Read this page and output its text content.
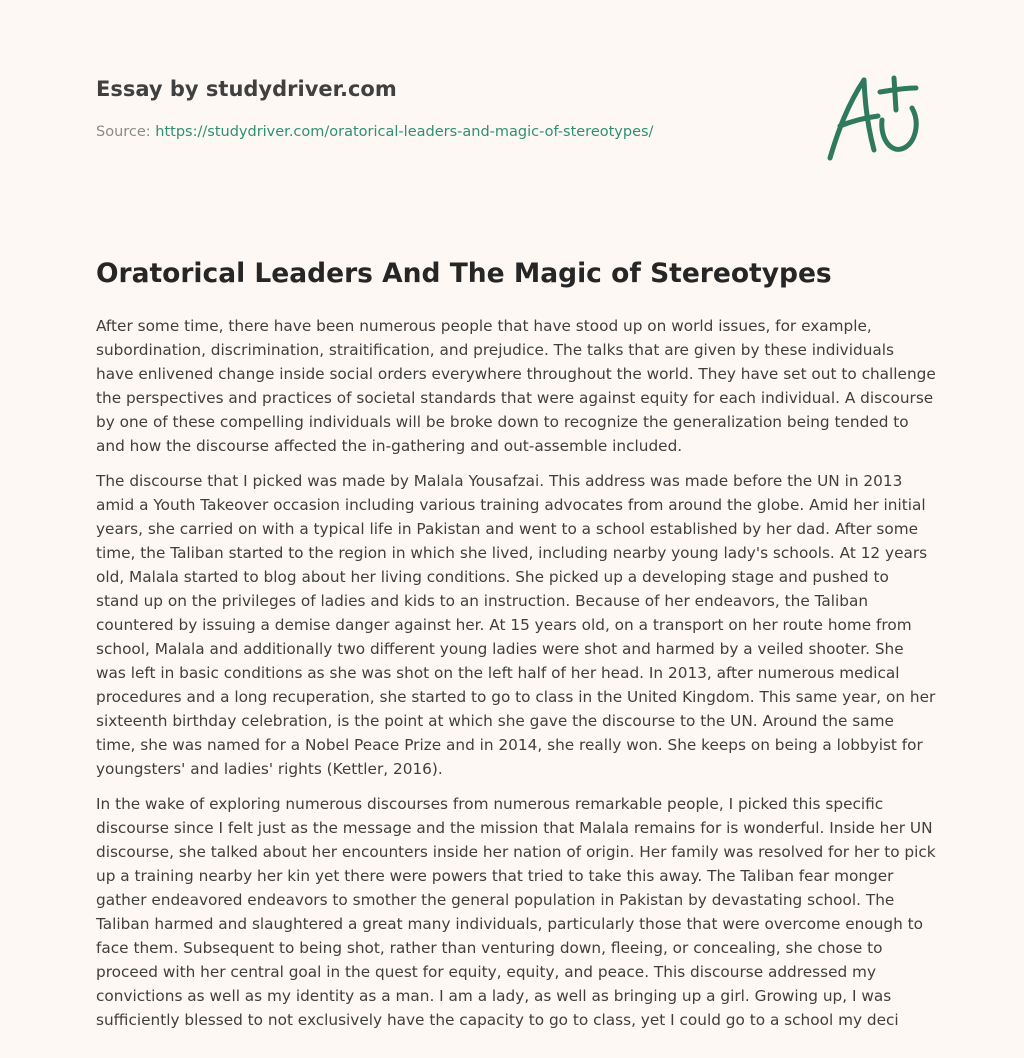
Essay by studydriver.com
Source: https://studydriver.com/oratorical-leaders-and-magic-of-stereotypes/
Oratorical Leaders And The Magic of Stereotypes

After some time, there have been numerous people that have stood up on world issues, for example, subordination, discrimination, straitification, and prejudice. The talks that are given by these individuals have enlivened change inside social orders everywhere throughout the world. They have set out to challenge the perspectives and practices of societal standards that were against equity for each individual. A discourse by one of these compelling individuals will be broke down to recognize the generalization being tended to and how the discourse affected the in-gathering and out-assemble included.

The discourse that I picked was made by Malala Yousafzai. This address was made before the UN in 2013 amid a Youth Takeover occasion including various training advocates from around the globe. Amid her initial years, she carried on with a typical life in Pakistan and went to a school established by her dad. After some time, the Taliban started to the region in which she lived, including nearby young lady's schools. At 12 years old, Malala started to blog about her living conditions. She picked up a developing stage and pushed to stand up on the privileges of ladies and kids to an instruction. Because of her endeavors, the Taliban countered by issuing a demise danger against her. At 15 years old, on a transport on her route home from school, Malala and additionally two different young ladies were shot and harmed by a veiled shooter. She was left in basic conditions as she was shot on the left half of her head. In 2013, after numerous medical procedures and a long recuperation, she started to go to class in the United Kingdom. This same year, on her sixteenth birthday celebration, is the point at which she gave the discourse to the UN. Around the same time, she was named for a Nobel Peace Prize and in 2014, she really won. She keeps on being a lobbyist for youngsters' and ladies' rights (Kettler, 2016).

In the wake of exploring numerous discourses from numerous remarkable people, I picked this specific discourse since I felt just as the message and the mission that Malala remains for is wonderful. Inside her UN discourse, she talked about her encounters inside her nation of origin. Her family was resolved for her to pick up a training nearby her kin yet there were powers that tried to take this away. The Taliban fear monger gather endeavored endeavors to smother the general population in Pakistan by devastating school. The Taliban harmed and slaughtered a great many individuals, particularly those that were overcome enough to face them. Subsequent to being shot, rather than venturing down, fleeing, or concealing, she chose to proceed with her central goal in the quest for equity, equity, and peace. This discourse addressed my convictions as well as my identity as a man. I am a lady, as well as bringing up a girl. Growing up, I was sufficiently blessed to not exclusively have the capacity to go to class, yet I could go to a school my deci
